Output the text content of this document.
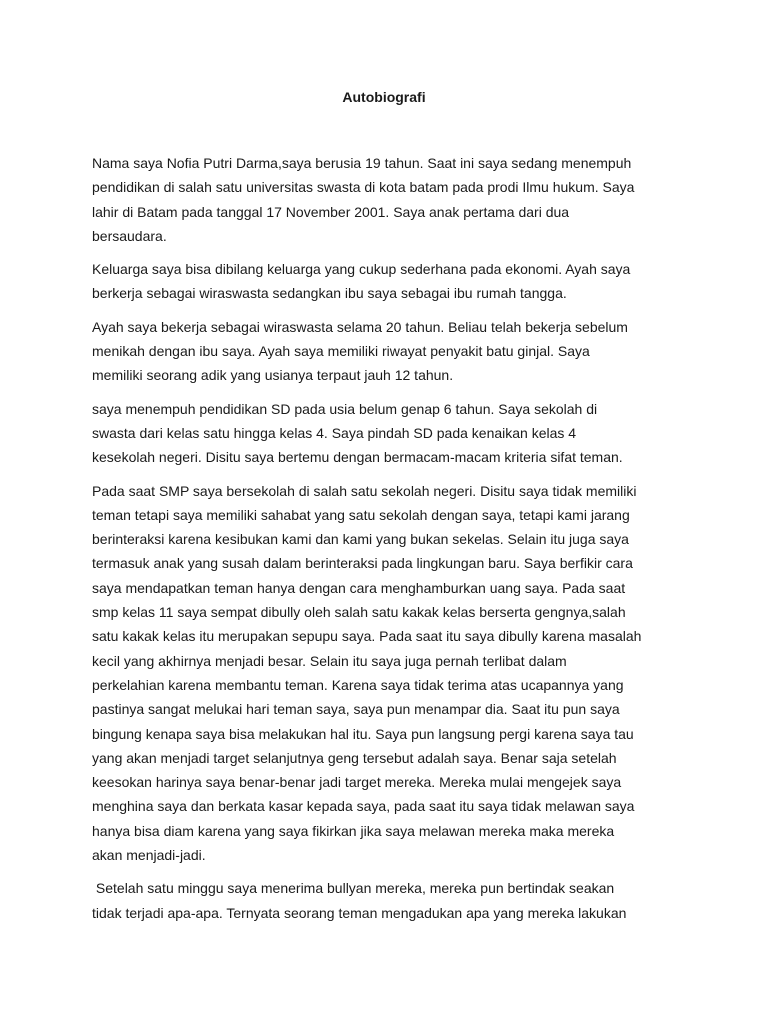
Autobiografi

Nama saya Nofia Putri Darma,saya berusia 19 tahun. Saat ini saya sedang menempuh
pendidikan di salah satu universitas swasta di kota batam pada prodi Ilmu hukum. Saya
lahir di Batam pada tanggal 17 November 2001. Saya anak pertama dari dua
bersaudara.

Keluarga saya bisa dibilang keluarga yang cukup sederhana pada ekonomi. Ayah saya
berkerja sebagai wiraswasta sedangkan ibu saya sebagai ibu rumah tangga.

Ayah saya bekerja sebagai wiraswasta selama 20 tahun. Beliau telah bekerja sebelum
menikah dengan ibu saya. Ayah saya memiliki riwayat penyakit batu ginjal. Saya
memiliki seorang adik yang usianya terpaut jauh 12 tahun.

saya menempuh pendidikan SD pada usia belum genap 6 tahun. Saya sekolah di
swasta dari kelas satu hingga kelas 4. Saya pindah SD pada kenaikan kelas 4
kesekolah negeri. Disitu saya bertemu dengan bermacam-macam kriteria sifat teman.

Pada saat SMP saya bersekolah di salah satu sekolah negeri. Disitu saya tidak memiliki
teman tetapi saya memiliki sahabat yang satu sekolah dengan saya, tetapi kami jarang
berinteraksi karena kesibukan kami dan kami yang bukan sekelas. Selain itu juga saya
termasuk anak yang susah dalam berinteraksi pada lingkungan baru. Saya berfikir cara
saya mendapatkan teman hanya dengan cara menghamburkan uang saya. Pada saat
smp kelas 11 saya sempat dibully oleh salah satu kakak kelas berserta gengnya,salah
satu kakak kelas itu merupakan sepupu saya. Pada saat itu saya dibully karena masalah
kecil yang akhirnya menjadi besar. Selain itu saya juga pernah terlibat dalam
perkelahian karena membantu teman. Karena saya tidak terima atas ucapannya yang
pastinya sangat melukai hari teman saya, saya pun menampar dia. Saat itu pun saya
bingung kenapa saya bisa melakukan hal itu. Saya pun langsung pergi karena saya tau
yang akan menjadi target selanjutnya geng tersebut adalah saya. Benar saja setelah
keesokan harinya saya benar-benar jadi target mereka. Mereka mulai mengejek saya
menghina saya dan berkata kasar kepada saya, pada saat itu saya tidak melawan saya
hanya bisa diam karena yang saya fikirkan jika saya melawan mereka maka mereka
akan menjadi-jadi.

Setelah satu minggu saya menerima bullyan mereka, mereka pun bertindak seakan
tidak terjadi apa-apa. Ternyata seorang teman mengadukan apa yang mereka lakukan
